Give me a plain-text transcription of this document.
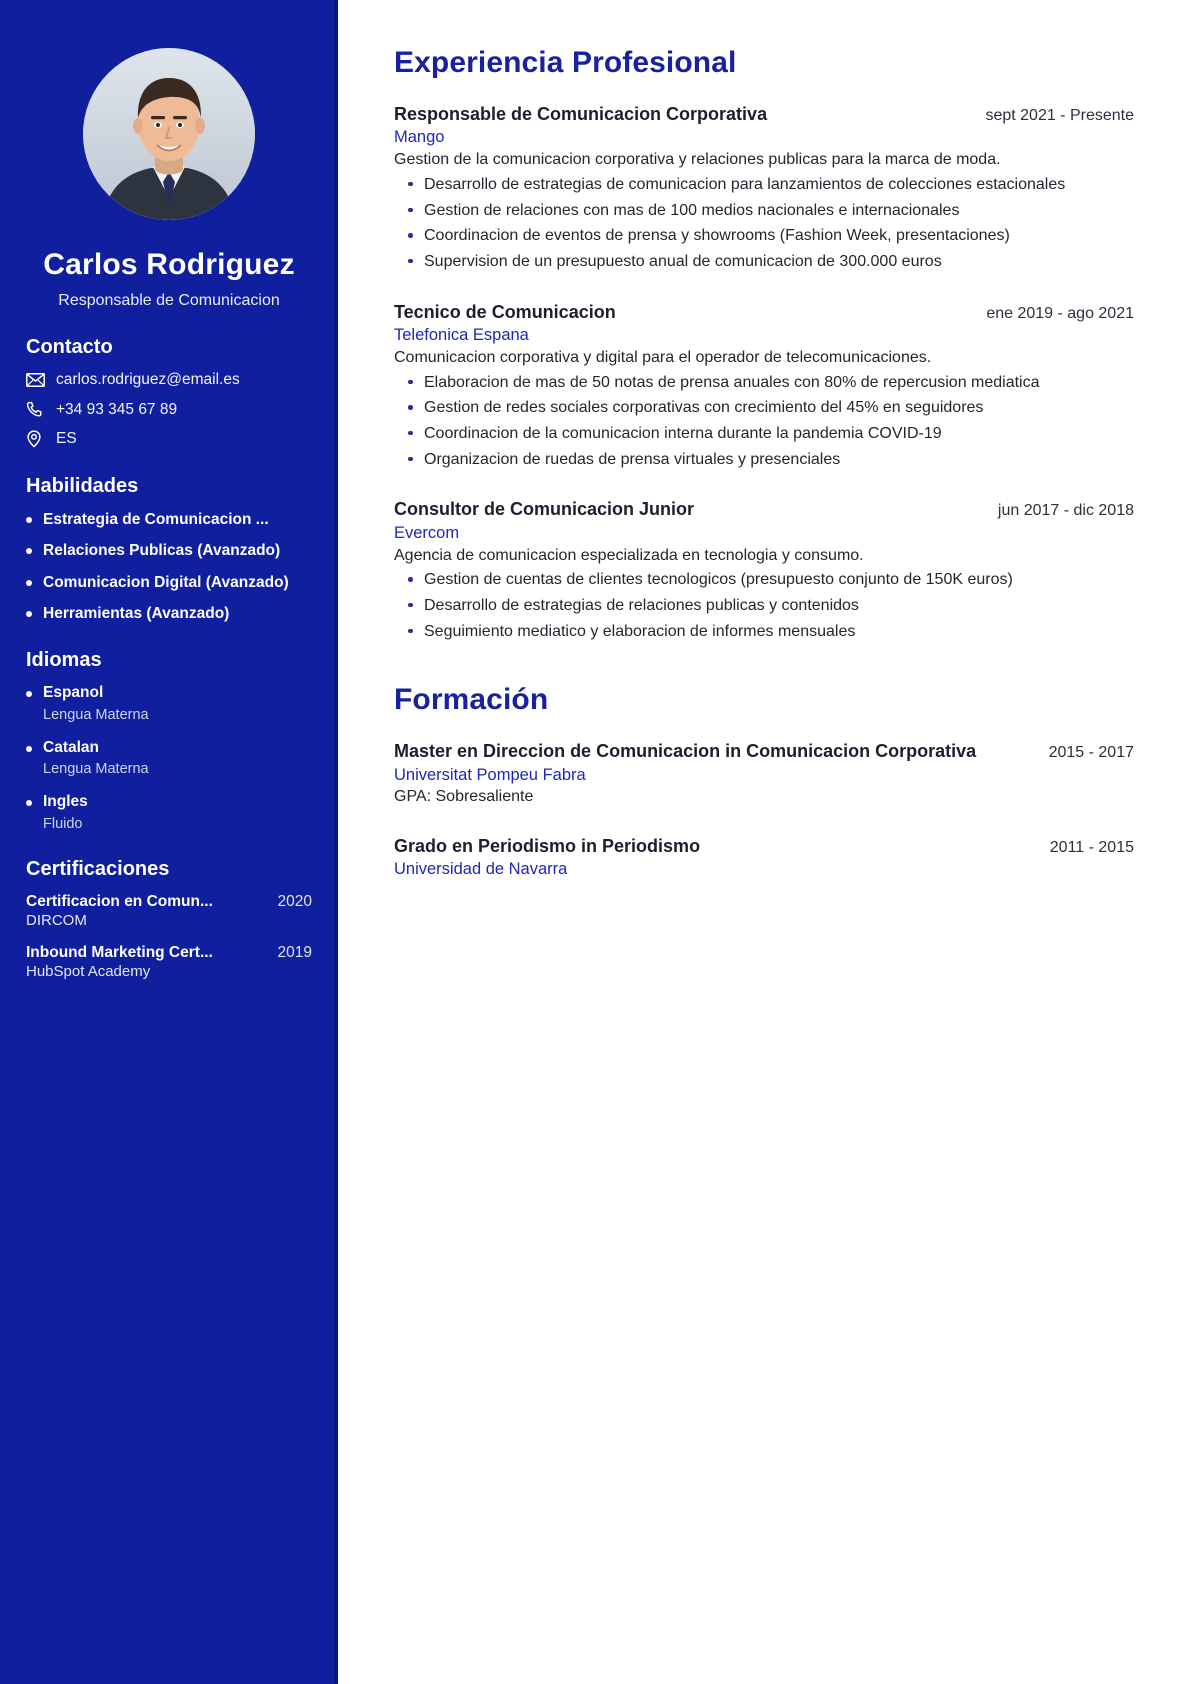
Carlos Rodriguez
Responsable de Comunicacion
Contacto
carlos.rodriguez@email.es
+34 93 345 67 89
ES
Habilidades
Estrategia de Comunicacion ...
Relaciones Publicas (Avanzado)
Comunicacion Digital (Avanzado)
Herramientas (Avanzado)
Idiomas
Espanol
Lengua Materna
Catalan
Lengua Materna
Ingles
Fluido
Certificaciones
Certificacion en Comun...	2020
DIRCOM
Inbound Marketing Cert...	2019
HubSpot Academy
Experiencia Profesional
Responsable de Comunicacion Corporativa	sept 2021 - Presente
Mango
Gestion de la comunicacion corporativa y relaciones publicas para la marca de moda.
Desarrollo de estrategias de comunicacion para lanzamientos de colecciones estacionales
Gestion de relaciones con mas de 100 medios nacionales e internacionales
Coordinacion de eventos de prensa y showrooms (Fashion Week, presentaciones)
Supervision de un presupuesto anual de comunicacion de 300.000 euros
Tecnico de Comunicacion	ene 2019 - ago 2021
Telefonica Espana
Comunicacion corporativa y digital para el operador de telecomunicaciones.
Elaboracion de mas de 50 notas de prensa anuales con 80% de repercusion mediatica
Gestion de redes sociales corporativas con crecimiento del 45% en seguidores
Coordinacion de la comunicacion interna durante la pandemia COVID-19
Organizacion de ruedas de prensa virtuales y presenciales
Consultor de Comunicacion Junior	jun 2017 - dic 2018
Evercom
Agencia de comunicacion especializada en tecnologia y consumo.
Gestion de cuentas de clientes tecnologicos (presupuesto conjunto de 150K euros)
Desarrollo de estrategias de relaciones publicas y contenidos
Seguimiento mediatico y elaboracion de informes mensuales
Formación
Master en Direccion de Comunicacion in Comunicacion Corporativa	2015 - 2017
Universitat Pompeu Fabra
GPA: Sobresaliente
Grado en Periodismo in Periodismo	2011 - 2015
Universidad de Navarra
